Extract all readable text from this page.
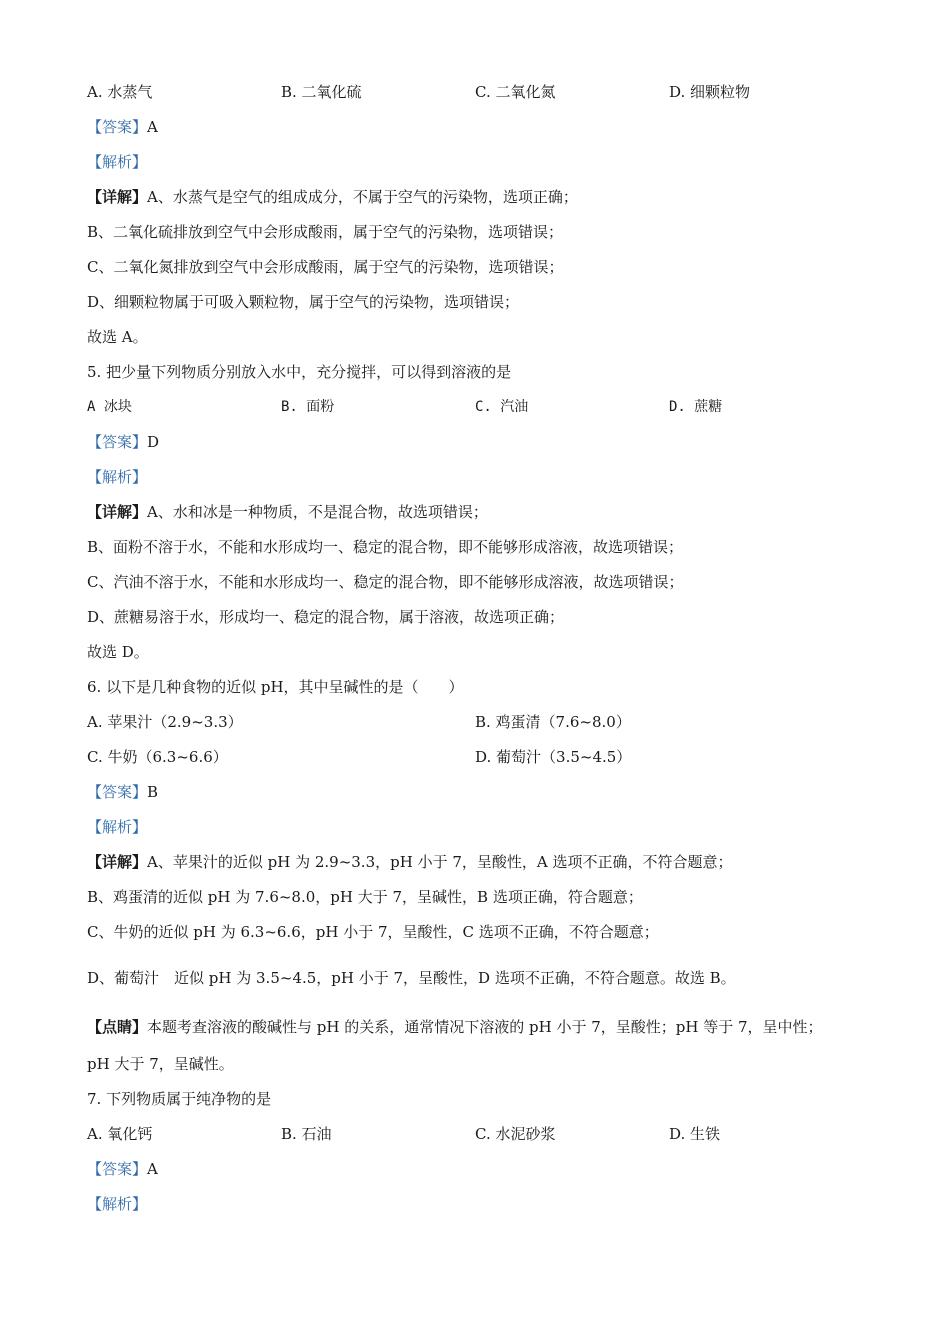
A. 水蒸气	B. 二氧化硫	C. 二氧化氮	D. 细颗粒物
【答案】A
【解析】
【详解】A、水蒸气是空气的组成成分，不属于空气的污染物，选项正确；
B、二氧化硫排放到空气中会形成酸雨，属于空气的污染物，选项错误；
C、二氧化氮排放到空气中会形成酸雨，属于空气的污染物，选项错误；
D、细颗粒物属于可吸入颗粒物，属于空气的污染物，选项错误；
故选 A。
5. 把少量下列物质分别放入水中，充分搅拌，可以得到溶液的是
A 冰块	B. 面粉	C. 汽油	D. 蔗糖
【答案】D
【解析】
【详解】A、水和冰是一种物质，不是混合物，故选项错误；
B、面粉不溶于水，不能和水形成均一、稳定的混合物，即不能够形成溶液，故选项错误；
C、汽油不溶于水，不能和水形成均一、稳定的混合物，即不能够形成溶液，故选项错误；
D、蔗糖易溶于水，形成均一、稳定的混合物，属于溶液，故选项正确；
故选 D。
6. 以下是几种食物的近似 pH，其中呈碱性的是（　　）
A. 苹果汁（2.9~3.3）	B. 鸡蛋清（7.6~8.0）
C. 牛奶（6.3~6.6）	D. 葡萄汁（3.5~4.5）
【答案】B
【解析】
【详解】A、苹果汁的近似 pH 为 2.9~3.3，pH 小于 7，呈酸性，A 选项不正确，不符合题意；
B、鸡蛋清的近似 pH 为 7.6~8.0，pH 大于 7，呈碱性，B 选项正确，符合题意；
C、牛奶的近似 pH 为 6.3~6.6，pH 小于 7，呈酸性，C 选项不正确，不符合题意；
D、葡萄汁　近似 pH 为 3.5~4.5，pH 小于 7，呈酸性，D 选项不正确，不符合题意。故选 B。
【点睛】本题考查溶液的酸碱性与 pH 的关系，通常情况下溶液的 pH 小于 7，呈酸性；pH 等于 7，呈中性；
pH 大于 7，呈碱性。
7. 下列物质属于纯净物的是
A. 氧化钙	B. 石油	C. 水泥砂浆	D. 生铁
【答案】A
【解析】
